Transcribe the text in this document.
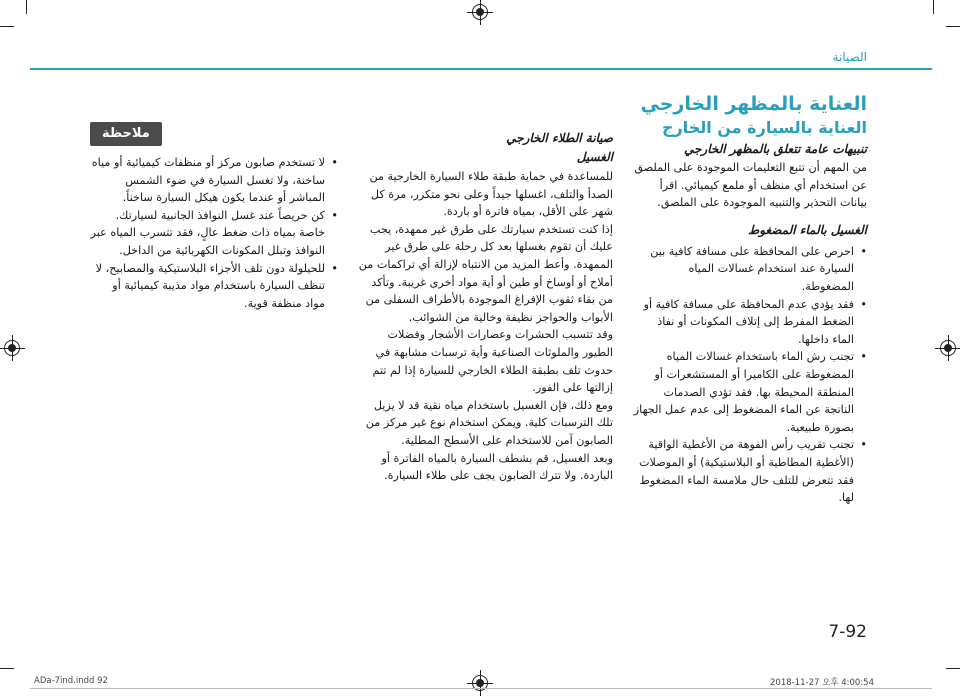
الصيانة
العناية بالمظهر الخارجي
العناية بالسيارة من الخارج
تنبيهات عامة تتعلق بالمظهر الخارجي

من المهم أن تتبع التعليمات الموجودة على الملصق عن استخدام أي منظف أو ملمع كيميائي. اقرأ بيانات التحذير والتنبيه الموجودة على الملصق.

الغسيل بالماء المضغوط
• احرص على المحافظة على مسافة كافية بين السيارة عند استخدام غسالات المياه المضغوطة.
• فقد يؤدي عدم المحافظة على مسافة كافية أو الضغط المفرط إلى إتلاف المكونات أو نفاذ الماء داخلها.
• تجنب رش الماء باستخدام غسالات المياه المضغوطة على الكاميرا أو المستشعرات أو المنطقة المحيطة بها. فقد تؤدي الصدمات الناتجة عن الماء المضغوط إلى عدم عمل الجهاز بصورة طبيعية.
• تجنب تقريب رأس الفوهة من الأغطية الواقية (الأغطية المطاطية أو البلاستيكية) أو الموصلات فقد تتعرض للتلف حال ملامسة الماء المضغوط لها.
صيانة الطلاء الخارجي
الغسيل

للمساعدة في حماية طبقة طلاء السيارة الخارجية من الصدأ والتلف، اغسلها جيداً وعلى نحو متكرر، مرة كل شهر على الأقل، بمياه فاترة أو باردة.

إذا كنت تستخدم سيارتك على طرق غير ممهدة، يجب عليك أن تقوم بغسلها بعد كل رحلة على طرق غير الممهدة. وأعط المزيد من الانتباه لإزالة أي تراكمات من أملاح أو أوساخ أو طين أو أية مواد أخرى غريبة. وتأكد من بقاء ثقوب الإفراغ الموجودة بالأطراف السفلى من الأبواب والحواجز نظيفة وخالية من الشوائب.

وقد تتسبب الحشرات وعصارات الأشجار وفضلات الطيور والملوثات الصناعية وأية ترسبات مشابهة في حدوث تلف بطبقة الطلاء الخارجي للسيارة إذا لم تتم إزالتها على الفور.

ومع ذلك، فإن الغسيل باستخدام مياه نقية قد لا يزيل تلك الترسبات كلية. ويمكن استخدام نوع غير مركز من الصابون آمن للاستخدام على الأسطح المطلية.

وبعد الغسيل، قم بشطف السيارة بالمياه الفاترة أو الباردة. ولا تترك الصابون يجف على طلاء السيارة.

ملاحظة
• لا تستخدم صابون مركز أو منظفات كيميائية أو مياه ساخنة، ولا تغسل السيارة في ضوء الشمس المباشر أو عندما يكون هيكل السيارة ساخناً.
• كن حريصاً عند غسل النوافذ الجانبية لسيارتك. خاصة بمياه ذات ضغط عالٍ، فقد تتسرب المياه عبر النوافذ وتبلل المكونات الكهربائية من الداخل.
• للحيلولة دون تلف الأجزاء البلاستيكية والمصابيح، لا تنظف السيارة باستخدام مواد مذيبة كيميائية أو مواد منظفة قوية.
7-92
ADa-7ind.indd 92	2018-11-27 오후 4:00:54
